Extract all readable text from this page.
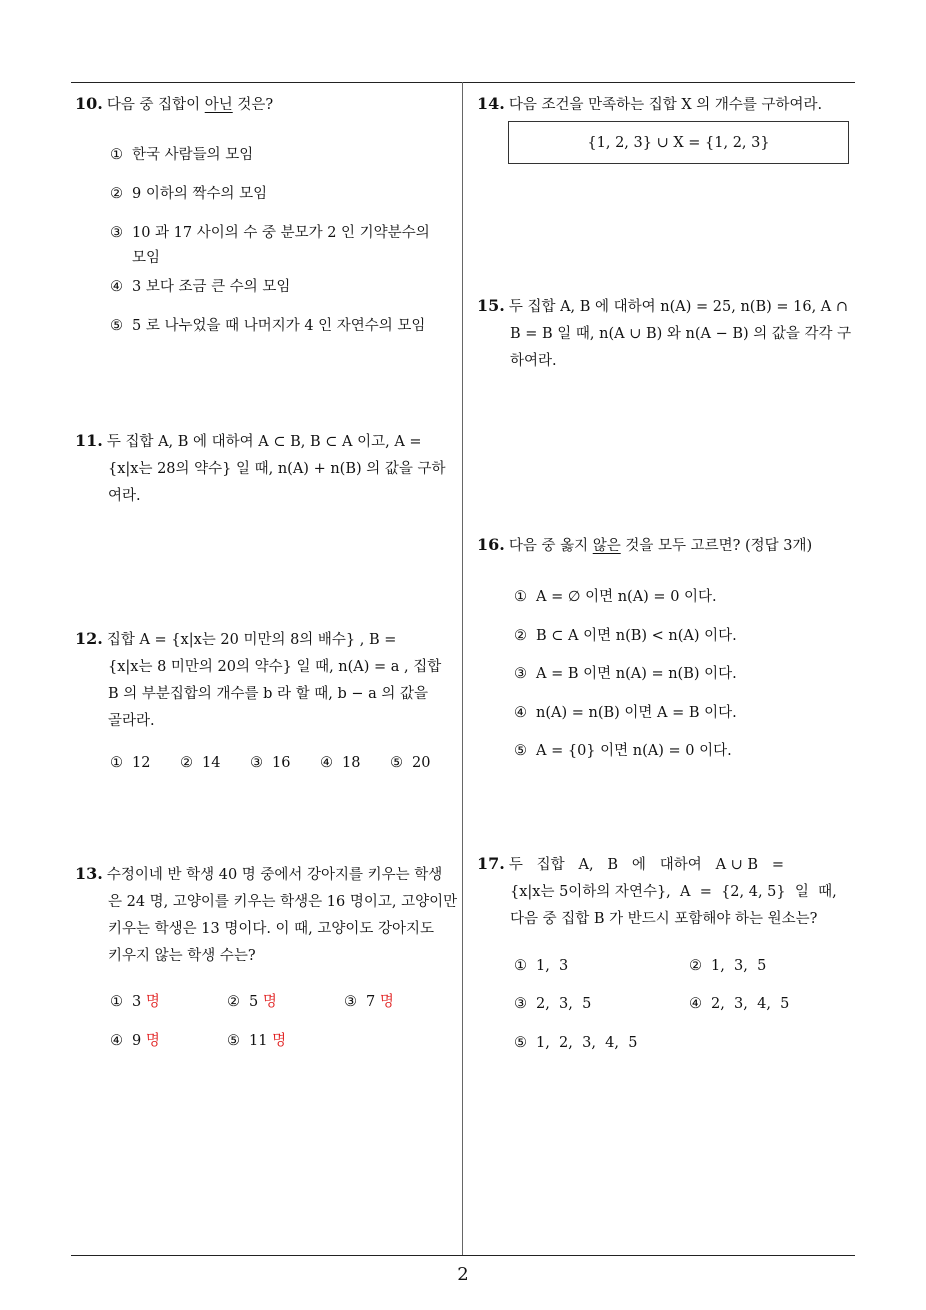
10. 다음 중 집합이 아닌 것은?
① 한국 사람들의 모임
② 9 이하의 짝수의 모임
③ 10 과 17 사이의 수 중 분모가 2 인 기약분수의
모임
④ 3 보다 조금 큰 수의 모임
⑤ 5 로 나누었을 때 나머지가 4 인 자연수의 모임
11. 두 집합 A, B 에 대하여 A ⊂ B, B ⊂ A 이고, A =
{x|x는 28의 약수} 일 때, n(A) + n(B) 의 값을 구하
여라.
12. 집합 A = {x|x는 20 미만의 8의 배수} , B =
{x|x는 8 미만의 20의 약수} 일 때, n(A) = a , 집합
B 의 부분집합의 개수를 b 라 할 때, b − a 의 값을
골라라.
① 12 ② 14 ③ 16 ④ 18 ⑤ 20
13. 수정이네 반 학생 40 명 중에서 강아지를 키우는 학생
은 24 명, 고양이를 키우는 학생은 16 명이고, 고양이만
키우는 학생은 13 명이다. 이 때, 고양이도 강아지도
키우지 않는 학생 수는?
① 3 명	② 5 명	③ 7 명
④ 9 명	⑤ 11 명
14. 다음 조건을 만족하는 집합 X 의 개수를 구하여라.
{1, 2, 3} ∪ X = {1, 2, 3}
15. 두 집합 A, B 에 대하여 n(A) = 25, n(B) = 16, A ∩
B = B 일 때, n(A ∪ B) 와 n(A − B) 의 값을 각각 구
하여라.
16. 다음 중 옳지 않은 것을 모두 고르면? (정답 3개)
① A = ∅ 이면 n(A) = 0 이다.
② B ⊂ A 이면 n(B) < n(A) 이다.
③ A = B 이면 n(A) = n(B) 이다.
④ n(A) = n(B) 이면 A = B 이다.
⑤ A = {0} 이면 n(A) = 0 이다.
17. 두   집합   A,   B   에   대하여   A ∪ B   =
{x|x는 5이하의 자연수},  A  =  {2, 4, 5}  일  때,
다음 중 집합 B 가 반드시 포함해야 하는 원소는?
① 1,  3	② 1,  3,  5
③ 2,  3,  5	④ 2,  3,  4,  5
⑤ 1,  2,  3,  4,  5
2
